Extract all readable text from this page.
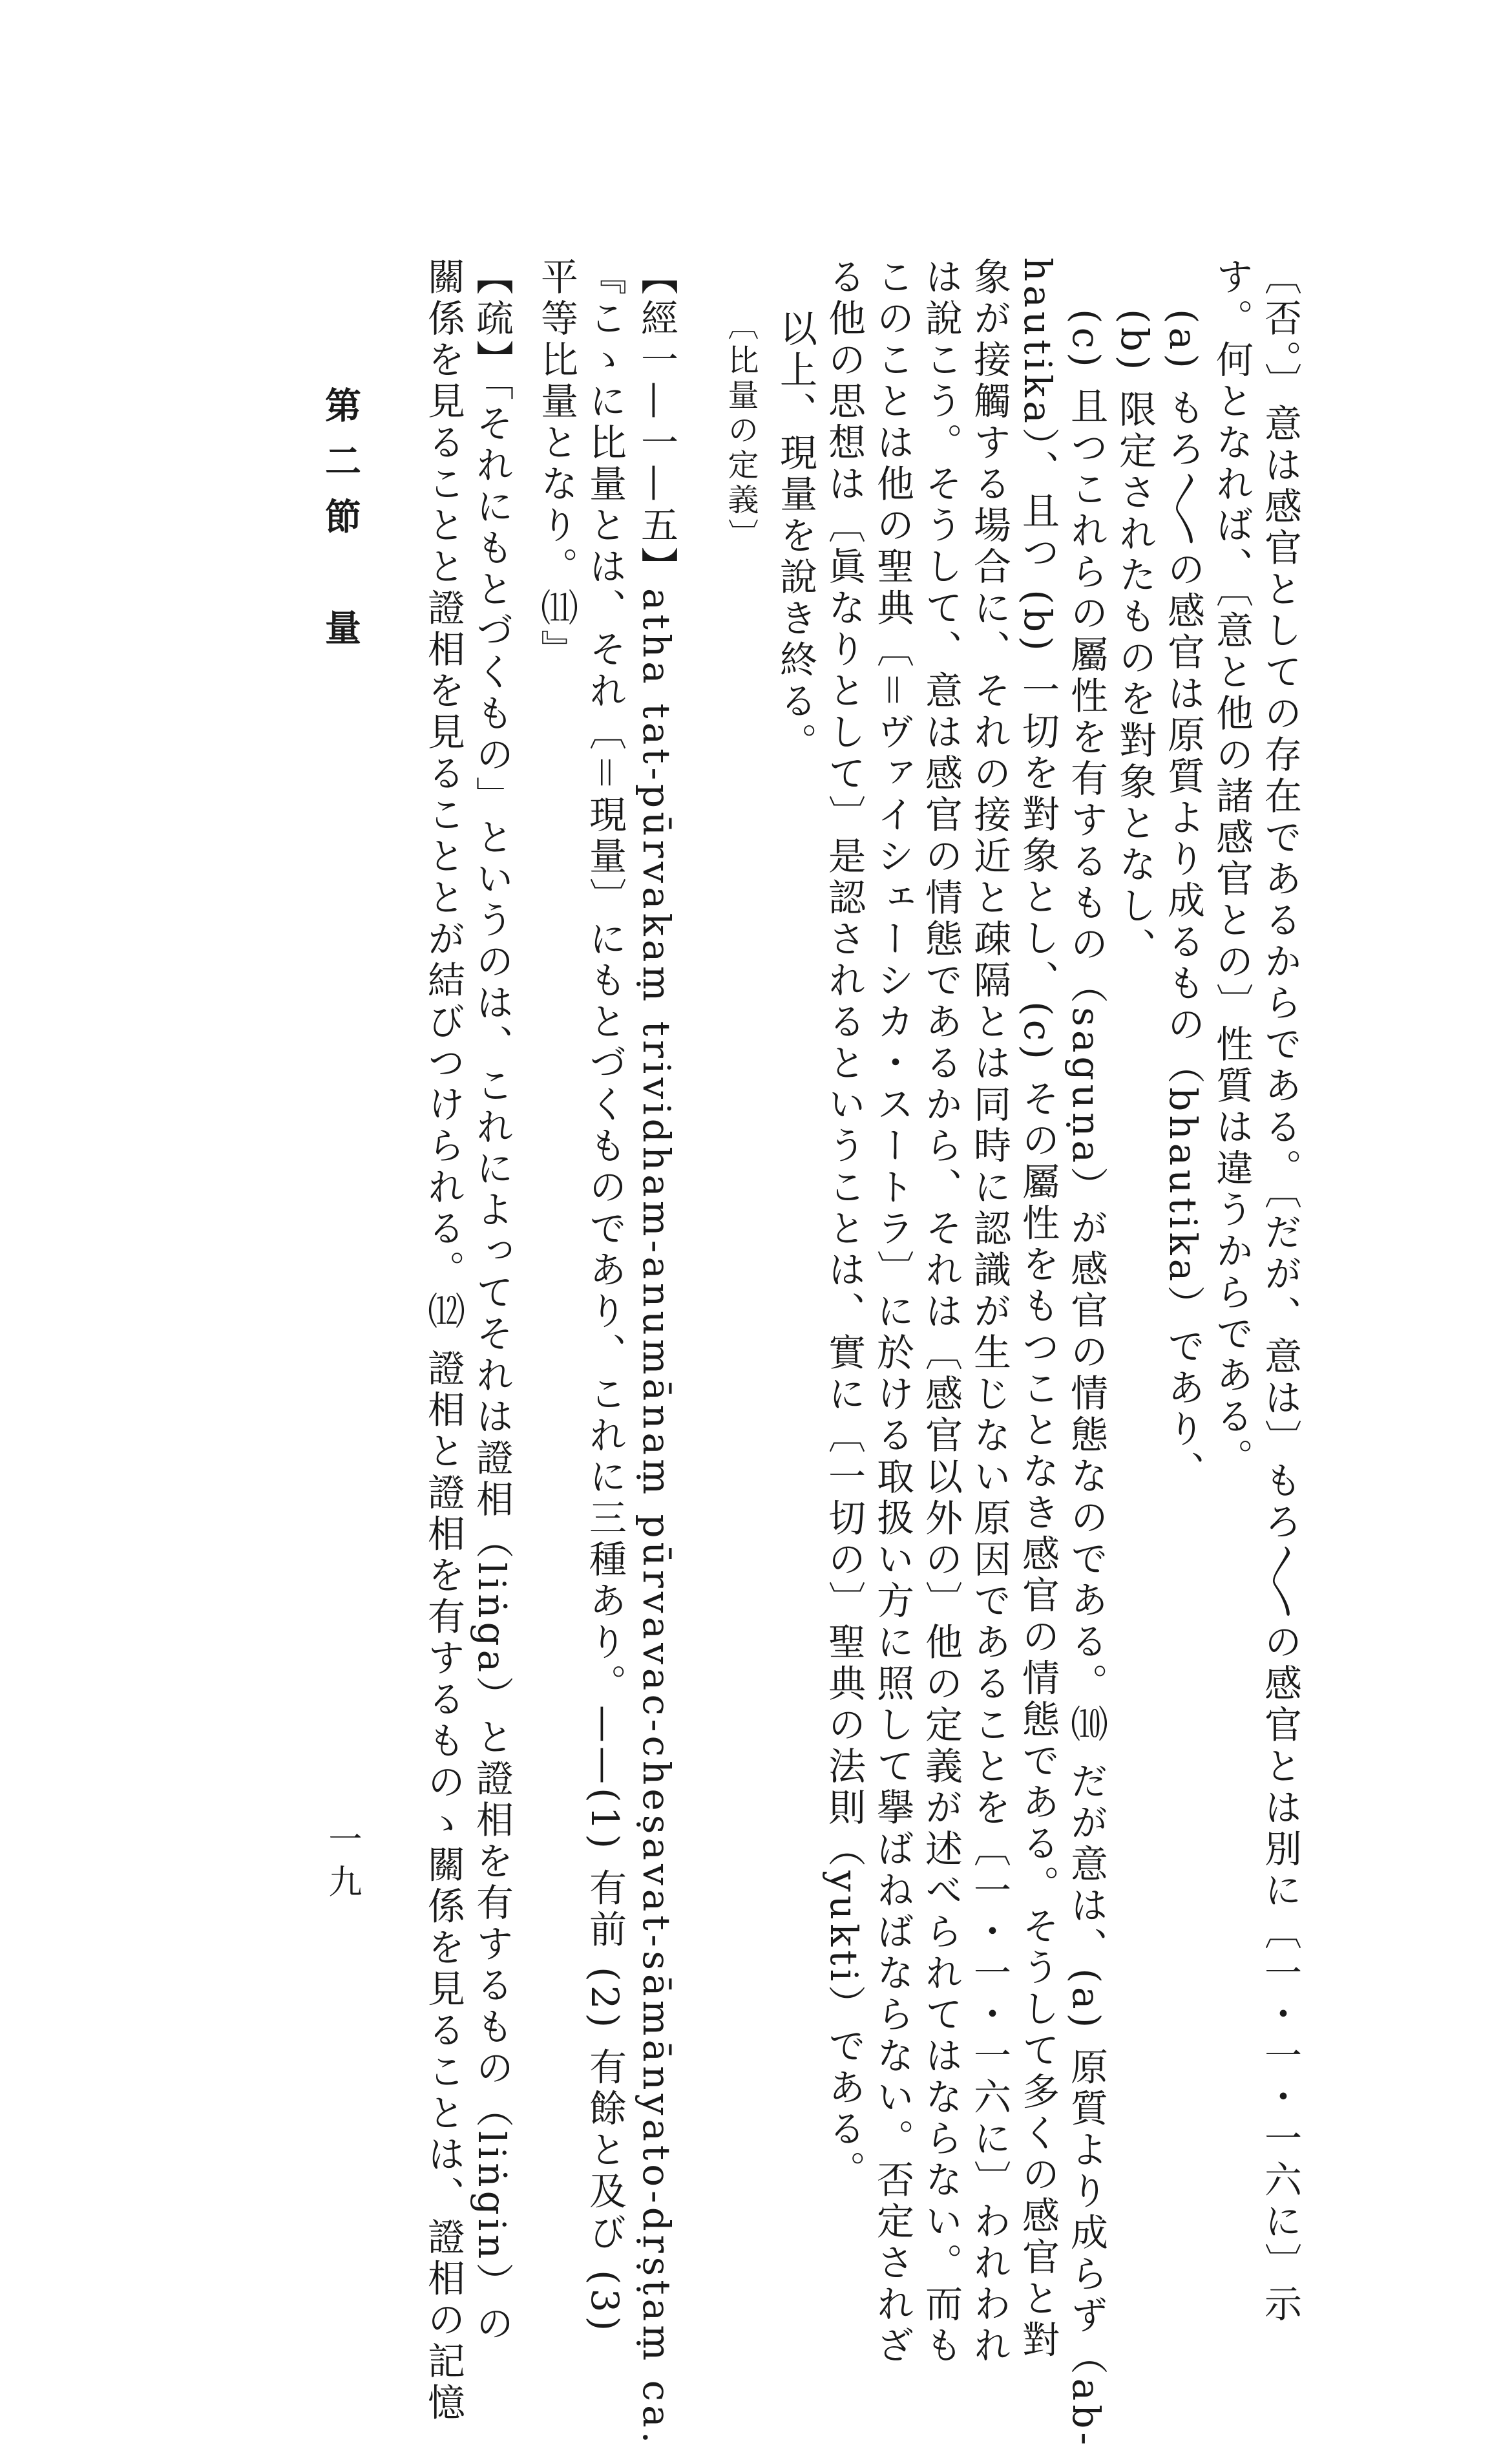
〔否。〕意は感官としての存在であるからである。〔だが、意は〕もろ〳〵の感官とは別に〔一・一・一六に〕示
す。何となれば、〔意と他の諸感官との〕性質は違うからである。
(a) もろ〳〵の感官は原質より成るもの（bhautika）であり、
(b) 限定されたものを對象となし、
(c) 且つこれらの屬性を有するもの（saguṇa）が感官の情態なのである。⑽ だが意は、(a) 原質より成らず（ab-
hautika）、且つ (b) 一切を對象とし、(c) その屬性をもつことなき感官の情態である。そうして多くの感官と對
象が接觸する場合に、それの接近と疎隔とは同時に認識が生じない原因であることを〔一・一・一六に〕われわれ
は說こう。そうして、意は感官の情態であるから、それは〔感官以外の〕他の定義が述べられてはならない。而も
このことは他の聖典〔＝ヴァイシェーシカ・スートラ〕に於ける取扱い方に照して擧ばねばならない。否定されざ
る他の思想は〔眞なりとして〕是認されるということは、實に〔一切の〕聖典の法則（yukti）である。
以上、現量を說き終る。
〔比量の定義〕
【經一—一—五】atha tat-pūrvakaṃ trividham-anumānaṃ pūrvavac-cheṣavat-sāmānyato-dṛṣṭaṃ ca.
『こゝに比量とは、それ〔＝現量〕にもとづくものであり、これに三種あり。——(1) 有前 (2) 有餘と及び (3)
平等比量となり。⑾』
【疏】「それにもとづくもの」というのは、これによってそれは證相（liṅga）と證相を有するもの（liṅgin）の
關係を見ることと證相を見ることとが結びつけられる。⑿ 證相と證相を有するものゝ關係を見ることは、證相の記憶
第二節　量
一九
